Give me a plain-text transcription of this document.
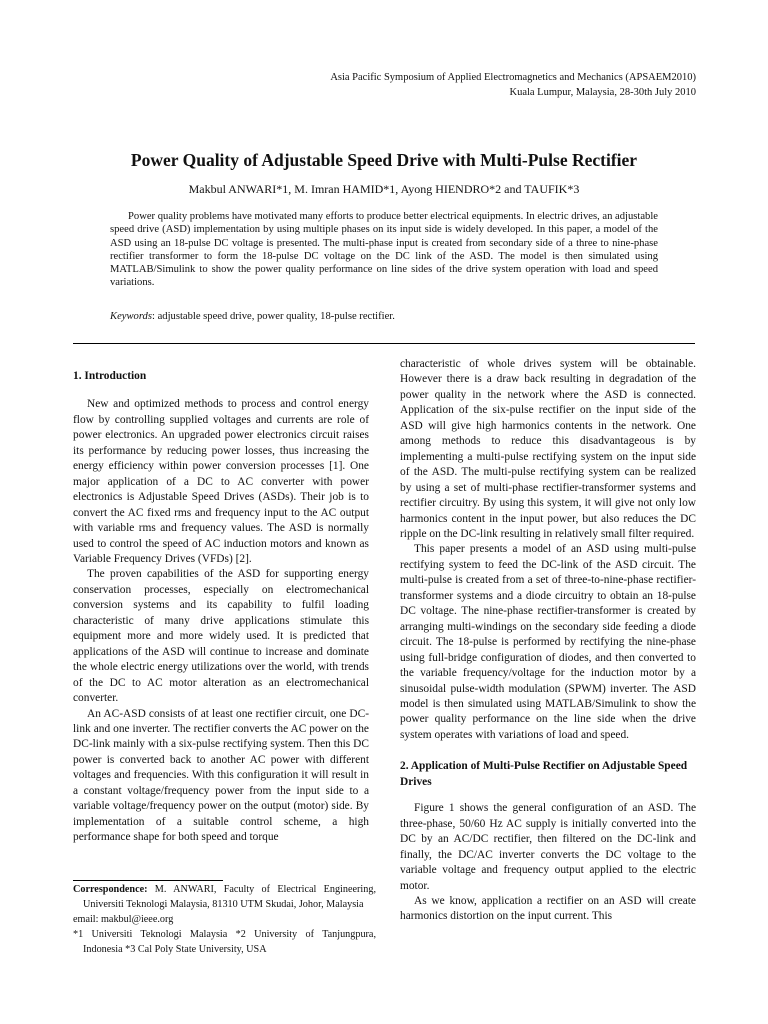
Asia Pacific Symposium of Applied Electromagnetics and Mechanics (APSAEM2010)
Kuala Lumpur, Malaysia, 28-30th July 2010
Power Quality of Adjustable Speed Drive with Multi-Pulse Rectifier
Makbul ANWARI*1, M. Imran HAMID*1, Ayong HIENDRO*2 and TAUFIK*3

Power quality problems have motivated many efforts to produce better electrical equipments. In electric drives, an adjustable speed drive (ASD) implementation by using multiple phases on its input side is widely developed. In this paper, a model of the ASD using an 18-pulse DC voltage is presented. The multi-phase input is created from secondary side of a three to nine-phase rectifier transformer to form the 18-pulse DC voltage on the DC link of the ASD. The model is then simulated using MATLAB/Simulink to show the power quality performance on line sides of the drive system operation with load and speed variations.

Keywords: adjustable speed drive, power quality, 18-pulse rectifier.

1. Introduction

New and optimized methods to process and control energy flow by controlling supplied voltages and currents are role of power electronics. An upgraded power electronics circuit raises its performance by reducing power losses, thus increasing the energy efficiency within power conversion processes [1]. One major application of a DC to AC converter with power electronics is Adjustable Speed Drives (ASDs). Their job is to convert the AC fixed rms and frequency input to the AC output with variable rms and frequency values. The ASD is normally used to control the speed of AC induction motors and known as Variable Frequency Drives (VFDs) [2].

The proven capabilities of the ASD for supporting energy conservation processes, especially on electromechanical conversion systems and its capability to fulfil loading characteristic of many drive applications stimulate this equipment more and more widely used. It is predicted that applications of the ASD will continue to increase and dominate the whole electric energy utilizations over the world, with trends of the DC to AC motor alteration as an electromechanical converter.

An AC-ASD consists of at least one rectifier circuit, one DC-link and one inverter. The rectifier converts the AC power on the DC-link mainly with a six-pulse rectifying system. Then this DC power is converted back to another AC power with different voltages and frequencies. With this configuration it will result in a constant voltage/frequency power from the input side to a variable voltage/frequency power on the output (motor) side. By implementation of a suitable control scheme, a high performance shape for both speed and torque

characteristic of whole drives system will be obtainable. However there is a draw back resulting in degradation of the power quality in the network where the ASD is connected. Application of the six-pulse rectifier on the input side of the ASD will give high harmonics contents in the network. One among methods to reduce this disadvantageous is by implementing a multi-pulse rectifying system on the input side of the ASD. The multi-pulse rectifying system can be realized by using a set of multi-phase rectifier-transformer systems and rectifier circuitry. By using this system, it will give not only low harmonics content in the input power, but also reduces the DC ripple on the DC-link resulting in relatively small filter required.

This paper presents a model of an ASD using multi-pulse rectifying system to feed the DC-link of the ASD circuit. The multi-pulse is created from a set of three-to-nine-phase rectifier-transformer systems and a diode circuitry to obtain an 18-pulse DC voltage. The nine-phase rectifier-transformer is created by arranging multi-windings on the secondary side feeding a diode circuit. The 18-pulse is performed by rectifying the nine-phase using full-bridge configuration of diodes, and then converted to the variable frequency/voltage for the induction motor by a sinusoidal pulse-width modulation (SPWM) inverter. The ASD model is then simulated using MATLAB/Simulink to show the power quality performance on the line side when the drive system operates with variations of load and speed.

2. Application of Multi-Pulse Rectifier on Adjustable Speed Drives

Figure 1 shows the general configuration of an ASD. The three-phase, 50/60 Hz AC supply is initially converted into the DC by an AC/DC rectifier, then filtered on the DC-link and finally, the DC/AC inverter converts the DC voltage to the variable voltage and frequency output applied to the electric motor.

As we know, application a rectifier on an ASD will create harmonics distortion on the input current. This

Correspondence: M. ANWARI, Faculty of Electrical Engineering, Universiti Teknologi Malaysia, 81310 UTM Skudai, Johor, Malaysia

email: makbul@ieee.org

*1 Universiti Teknologi Malaysia *2 University of Tanjungpura, Indonesia *3 Cal Poly State University, USA
